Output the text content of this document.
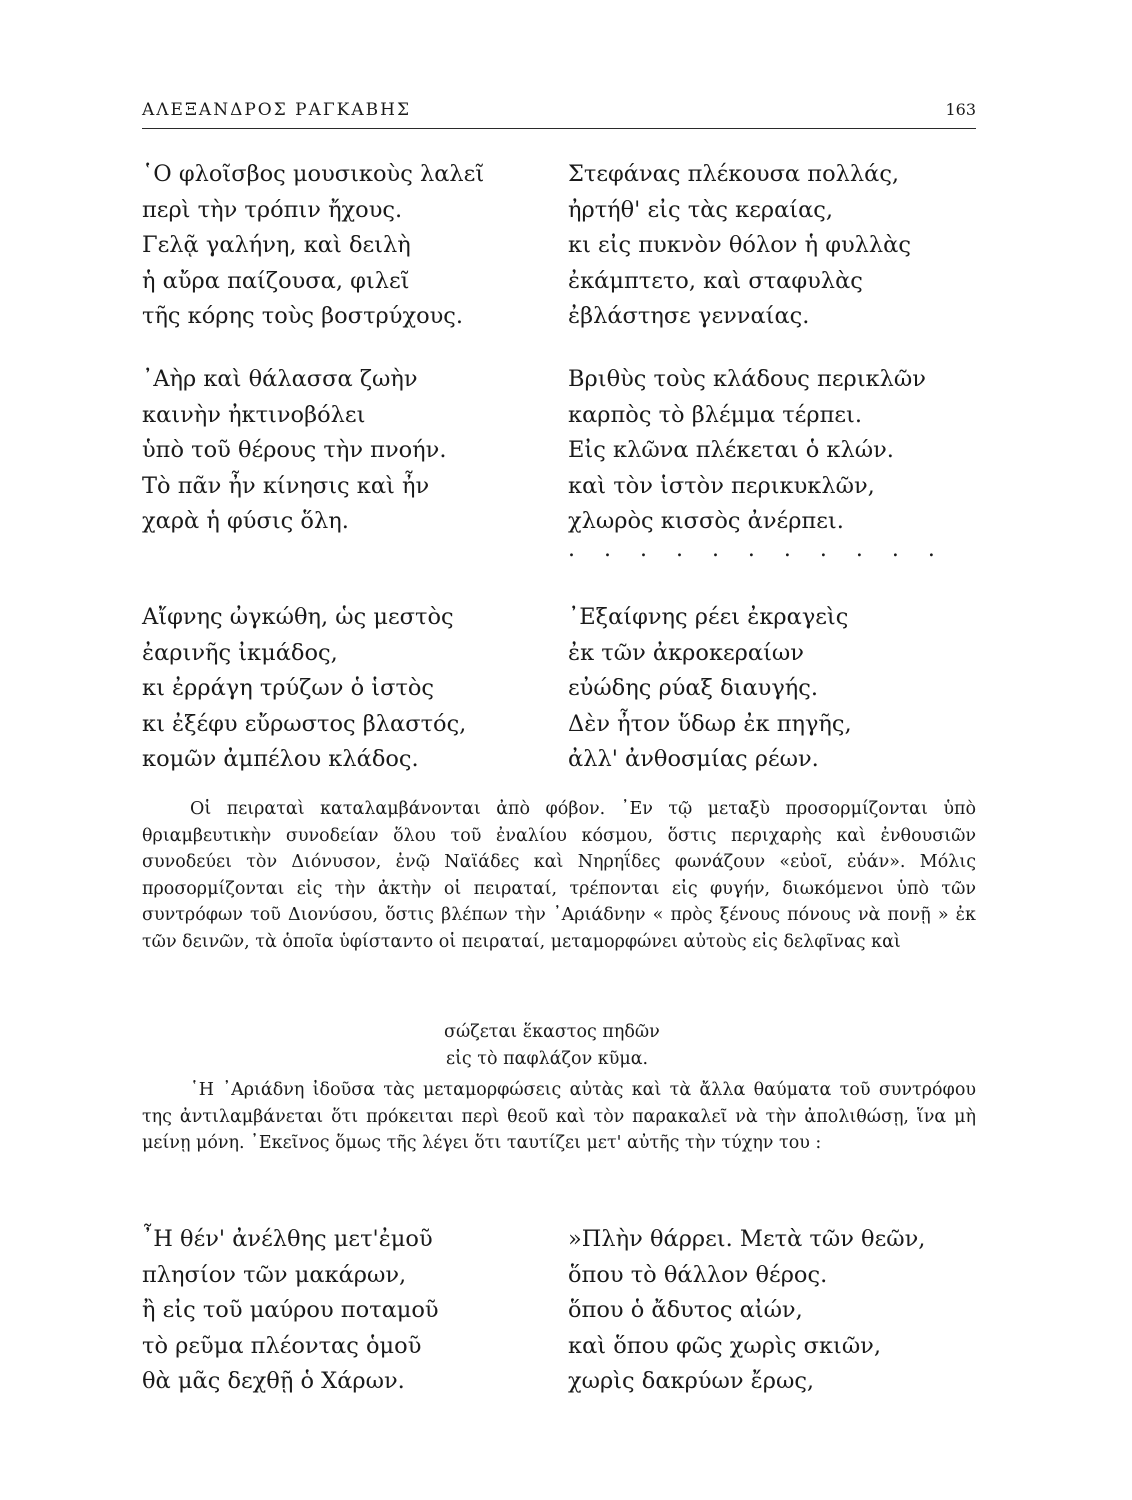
ΑΛΕΞΑΝΔΡΟΣ ΡΑΓΚΑΒΗΣ	163
῾Ο φλοῖσβος μουσικοὺς λαλεῖ
περὶ τὴν τρόπιν ἤχους.
Γελᾷ γαλήνη, καὶ δειλὴ
ἡ αὔρα παίζουσα, φιλεῖ
τῆς κόρης τοὺς βοστρύχους.
Στεφάνας πλέκουσα πολλάς,
ἠρτήθ' εἰς τὰς κεραίας,
κι εἰς πυκνὸν θόλον ἡ φυλλὰς
ἐκάμπτετο, καὶ σταφυλὰς
ἐβλάστησε γενναίας.
᾿Αὴρ καὶ θάλασσα ζωὴν
καινὴν ἠκτινοβόλει
ὑπὸ τοῦ θέρους τὴν πνοήν.
Τὸ πᾶν ἦν κίνησις καὶ ἦν
χαρὰ ἡ φύσις ὅλη.
Βριθὺς τοὺς κλάδους περικλῶν
καρπὸς τὸ βλέμμα τέρπει.
Εἰς κλῶνα πλέκεται ὁ κλών.
καὶ τὸν ἱστὸν περικυκλῶν,
χλωρὸς κισσὸς ἀνέρπει.
. . . . . . . . . . .
Αἴφνης ὠγκώθη, ὡς μεστὸς
ἐαρινῆς ἰκμάδος,
κι ἐρράγη τρύζων ὁ ἱστὸς
κι ἐξέφυ εὔρωστος βλαστός,
κομῶν ἀμπέλου κλάδος.
᾿Εξαίφνης ρέει ἐκραγεὶς
ἐκ τῶν ἀκροκεραίων
εὐώδης ρύαξ διαυγής.
Δὲν ἦτον ὕδωρ ἐκ πηγῆς,
ἀλλ' ἀνθοσμίας ρέων.

Οἱ πειραταὶ καταλαμβάνονται ἀπὸ φόβον. ᾿Εν τῷ μεταξὺ προσορμίζονται ὑπὸ θριαμβευτικὴν συνοδείαν ὅλου τοῦ ἐναλίου κόσμου, ὅστις περιχαρὴς καὶ ἐνθουσιῶν συνοδεύει τὸν Διόνυσον, ἐνῷ Ναϊάδες καὶ Νηρηΐδες φωνάζουν «εὐοῖ, εὐάν». Μόλις προσορμίζονται εἰς τὴν ἀκτὴν οἱ πειραταί, τρέπονται εἰς φυγήν, διωκόμενοι ὑπὸ τῶν συντρόφων τοῦ Διονύσου, ὅστις βλέπων τὴν ᾿Αριάδνην « πρὸς ξένους πόνους νὰ πονῇ » ἐκ τῶν δεινῶν, τὰ ὁποῖα ὑφίσταντο οἱ πειραταί, μεταμορφώνει αὐτοὺς εἰς δελφῖνας καὶ

σώζεται ἕκαστος πηδῶν
εἰς τὸ παφλάζον κῦμα.

῾Η ᾿Αριάδνη ἰδοῦσα τὰς μεταμορφώσεις αὐτὰς καὶ τὰ ἄλλα θαύματα τοῦ συντρόφου της ἀντιλαμβάνεται ὅτι πρόκειται περὶ θεοῦ καὶ τὸν παρακαλεῖ νὰ τὴν ἀπολιθώσῃ, ἵνα μὴ μείνῃ μόνη. ᾿Εκεῖνος ὅμως τῆς λέγει ὅτι ταυτίζει μετ' αὐτῆς τὴν τύχην του :

῏Η θέν' ἀνέλθης μετ'ἐμοῦ
πλησίον τῶν μακάρων,
ἢ εἰς τοῦ μαύρου ποταμοῦ
τὸ ρεῦμα πλέοντας ὁμοῦ
θὰ μᾶς δεχθῇ ὁ Χάρων.
»Πλὴν θάρρει. Μετὰ τῶν θεῶν,
ὅπου τὸ θάλλον θέρος.
ὅπου ὁ ἄδυτος αἰών,
καὶ ὅπου φῶς χωρὶς σκιῶν,
χωρὶς δακρύων ἔρως,
